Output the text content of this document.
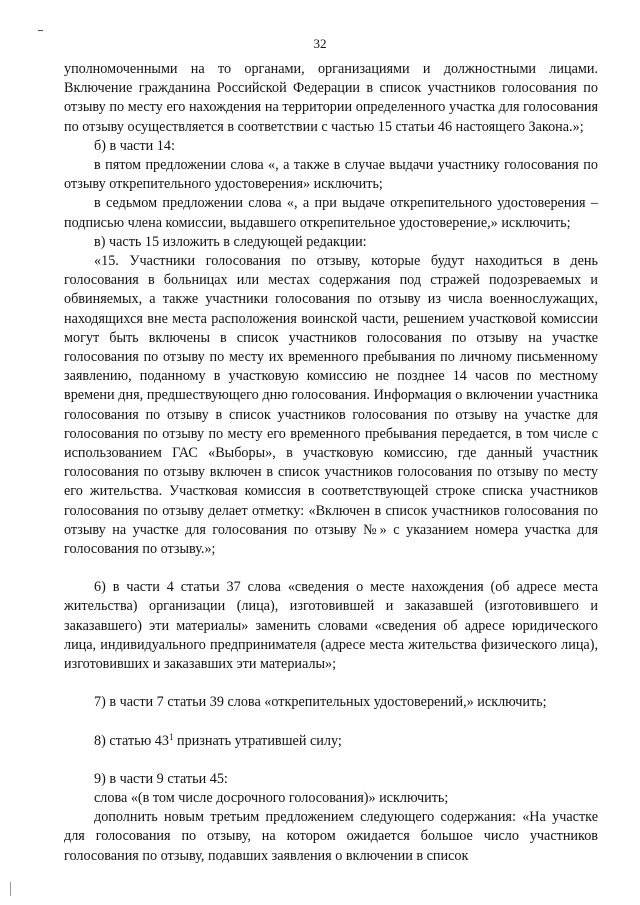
32

уполномоченными на то органами, организациями и должностными лицами. Включение гражданина Российской Федерации в список участников голосования по отзыву по месту его нахождения на территории определенного участка для голосования по отзыву осуществляется в соответствии с частью 15 статьи 46 настоящего Закона.»;

б) в части 14:

в пятом предложении слова «, а также в случае выдачи участнику голосования по отзыву открепительного удостоверения» исключить;

в седьмом предложении слова «, а при выдаче открепительного удостоверения – подписью члена комиссии, выдавшего открепительное удостоверение,» исключить;

в) часть 15 изложить в следующей редакции:

«15. Участники голосования по отзыву, которые будут находиться в день голосования в больницах или местах содержания под стражей подозреваемых и обвиняемых, а также участники голосования по отзыву из числа военнослужащих, находящихся вне места расположения воинской части, решением участковой комиссии могут быть включены в список участников голосования по отзыву на участке голосования по отзыву по месту их временного пребывания по личному письменному заявлению, поданному в участковую комиссию не позднее 14 часов по местному времени дня, предшествующего дню голосования. Информация о включении участника голосования по отзыву в список участников голосования по отзыву на участке для голосования по отзыву по месту его временного пребывания передается, в том числе с использованием ГАС «Выборы», в участковую комиссию, где данный участник голосования по отзыву включен в список участников голосования по отзыву по месту его жительства. Участковая комиссия в соответствующей строке списка участников голосования по отзыву делает отметку: «Включен в список участников голосования по отзыву на участке для голосования по отзыву №» с указанием номера участка для голосования по отзыву.»;

6) в части 4 статьи 37 слова «сведения о месте нахождения (об адресе места жительства) организации (лица), изготовившей и заказавшей (изготовившего и заказавшего) эти материалы» заменить словами «сведения об адресе юридического лица, индивидуального предпринимателя (адресе места жительства физического лица), изготовивших и заказавших эти материалы»;

7) в части 7 статьи 39 слова «открепительных удостоверений,» исключить;

8) статью $43^1$ признать утратившей силу;

9) в части 9 статьи 45:

слова «(в том числе досрочного голосования)» исключить;

дополнить новым третьим предложением следующего содержания: «На участке для голосования по отзыву, на котором ожидается большое число участников голосования по отзыву, подавших заявления о включении в список
